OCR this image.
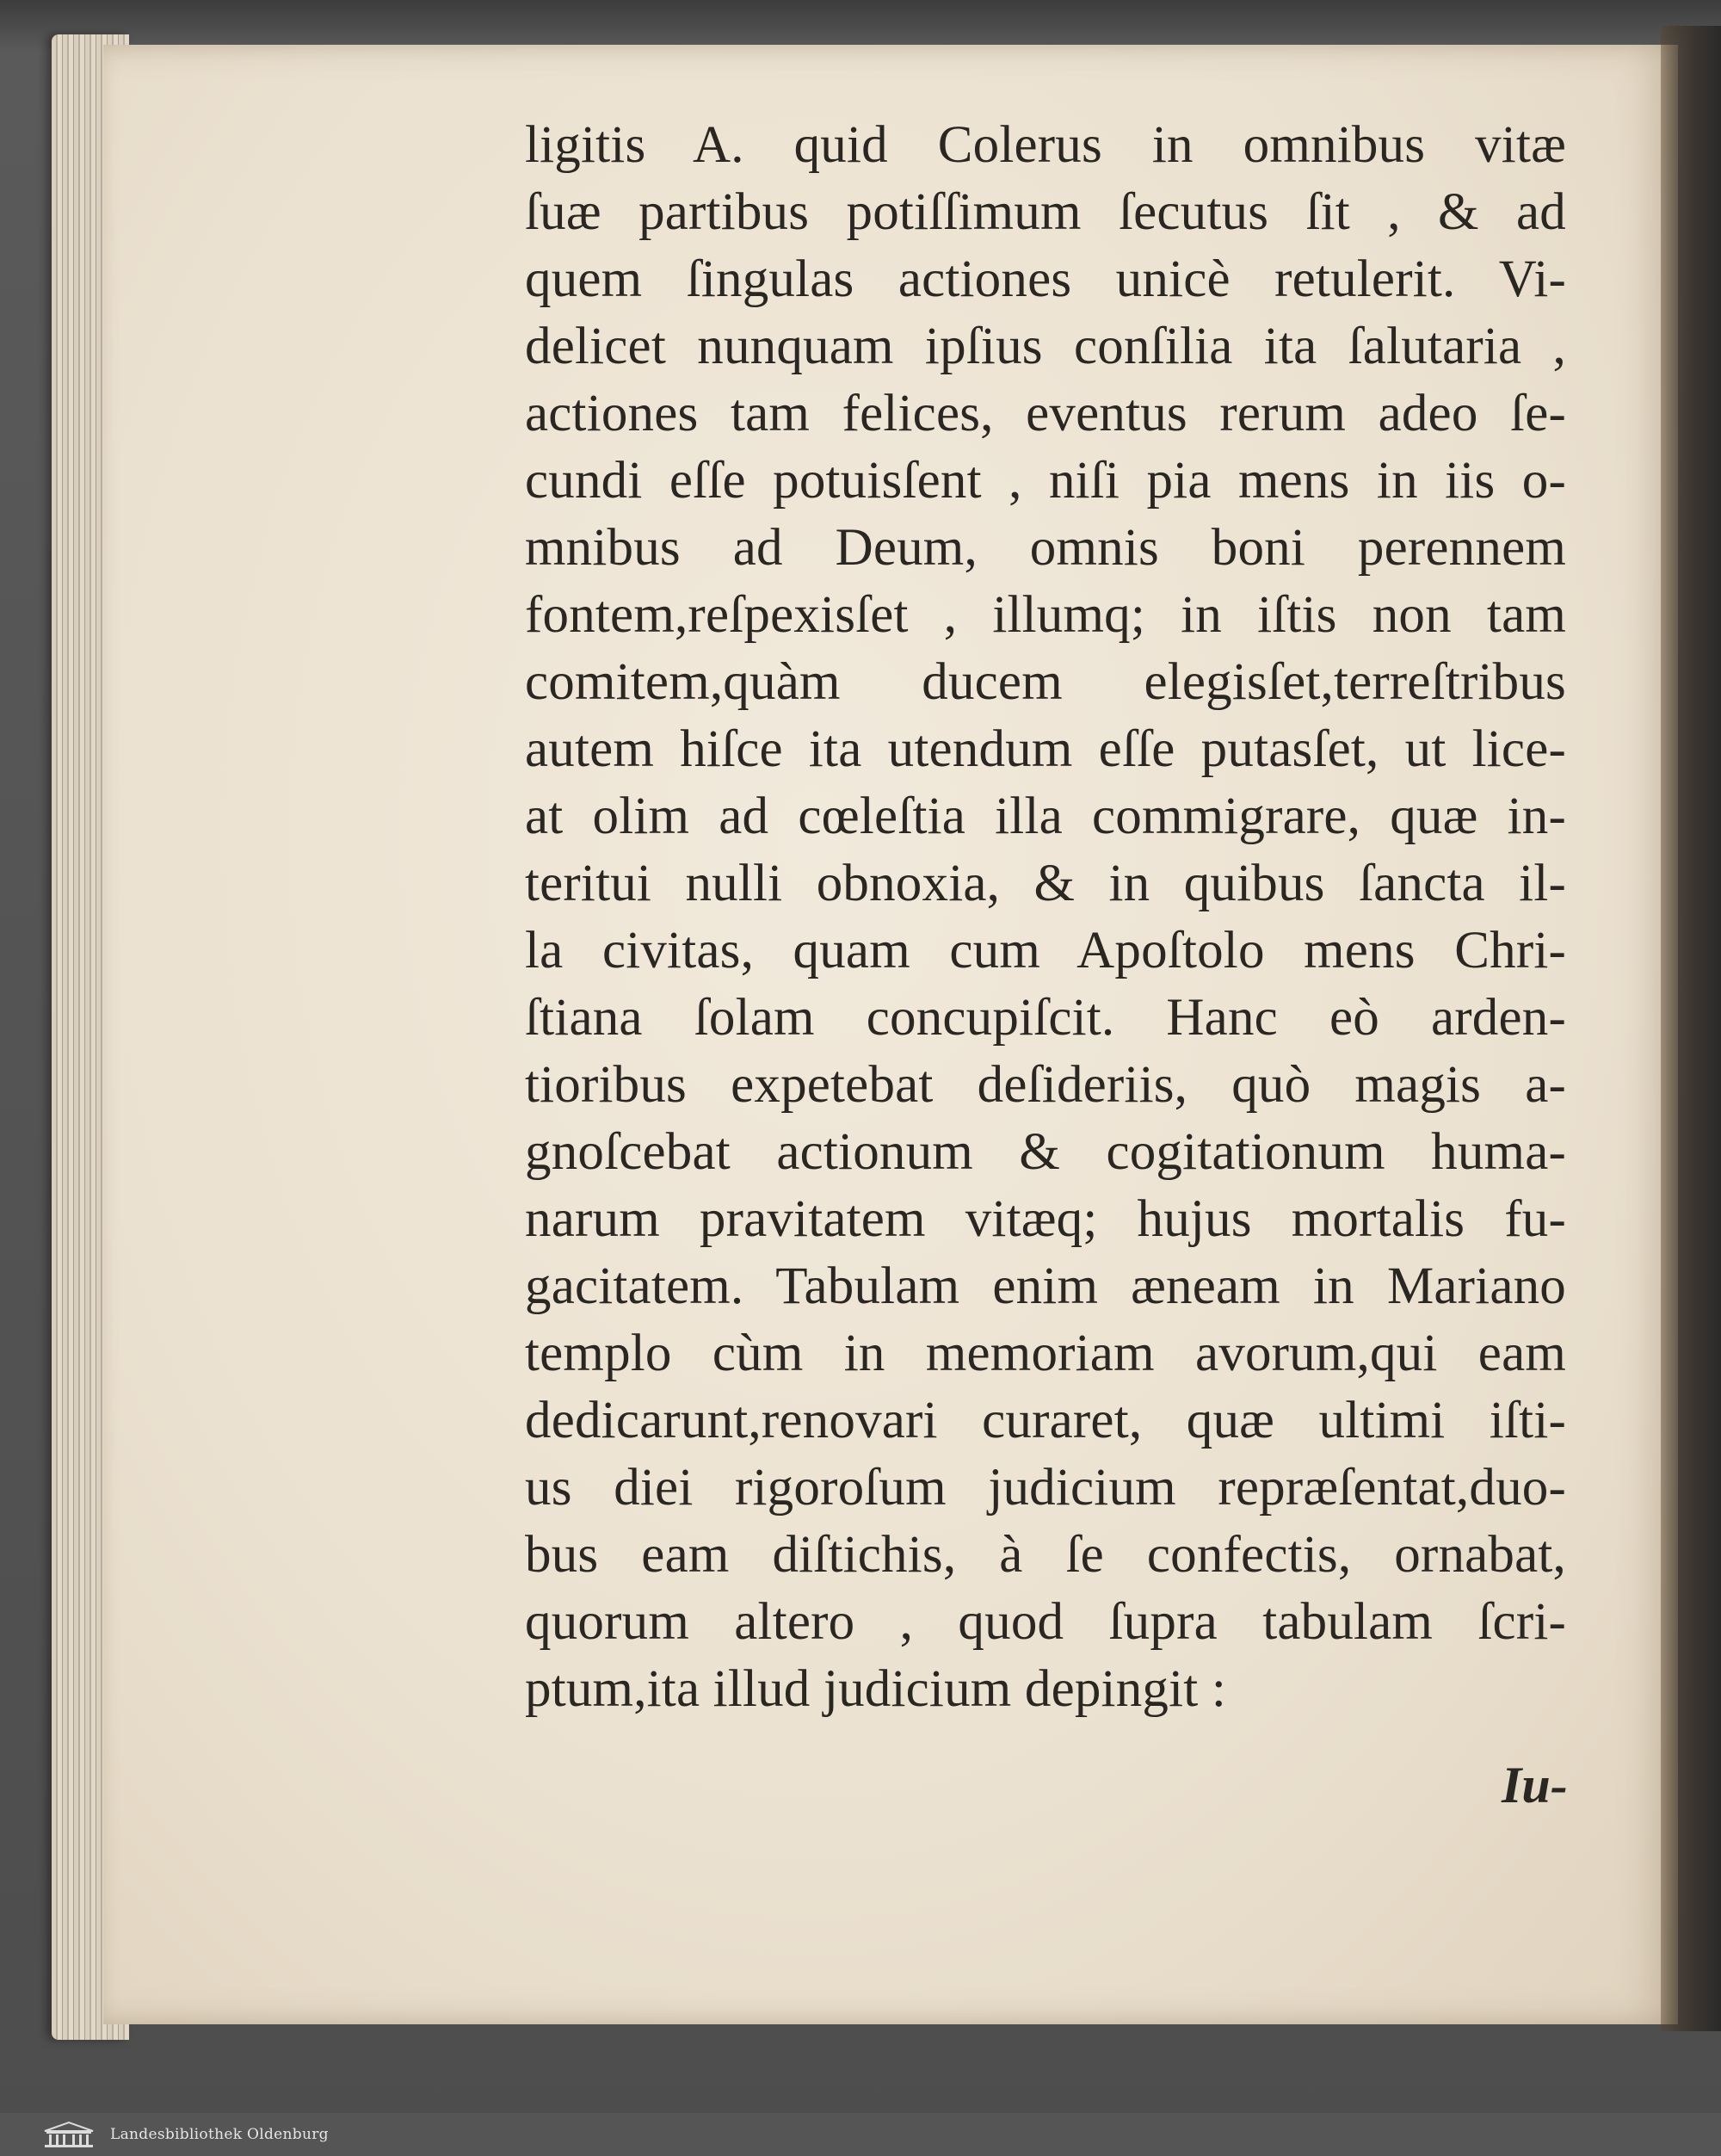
ligitis A. quid Colerus in omnibus vitæ
ſuæ partibus potiſſimum ſecutus ſit , & ad
quem ſingulas actiones unicè retulerit. Vi-
delicet nunquam ipſius conſilia ita ſalutaria ,
actiones tam felices, eventus rerum adeo ſe-
cundi eſſe potuisſent , niſi pia mens in iis o-
mnibus ad Deum, omnis boni perennem
fontem,reſpexisſet , illumq; in iſtis non tam
comitem,quàm ducem elegisſet,terreſtribus
autem hiſce ita utendum eſſe putasſet, ut lice-
at olim ad cœleſtia illa commigrare, quæ in-
teritui nulli obnoxia, & in quibus ſancta il-
la civitas, quam cum Apoſtolo mens Chri-
ſtiana ſolam concupiſcit. Hanc eò arden-
tioribus expetebat deſideriis, quò magis a-
gnoſcebat actionum & cogitationum huma-
narum pravitatem vitæq; hujus mortalis fu-
gacitatem. Tabulam enim æneam in Mariano
templo cùm in memoriam avorum,qui eam
dedicarunt,renovari curaret, quæ ultimi iſti-
us diei rigoroſum judicium repræſentat,duo-
bus eam diſtichis, à ſe confectis, ornabat,
quorum altero , quod ſupra tabulam ſcri-
ptum,ita illud judicium depingit :
Iu-
Landesbibliothek Oldenburg
